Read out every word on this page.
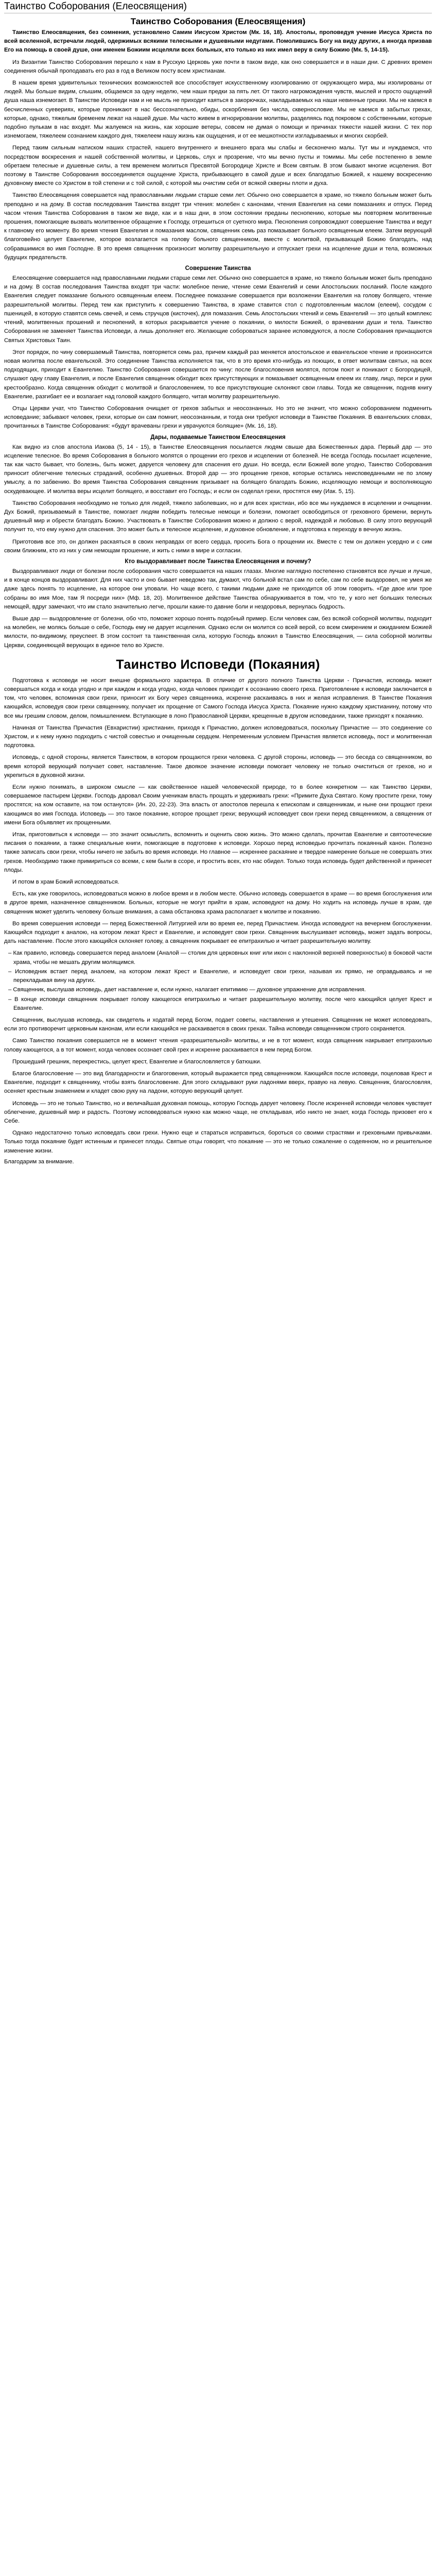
Таинство Соборования (Елеосвящения)
Таинство Соборования (Елеосвящения)

Таинство Елеосвящения, без сомнения, установлено Самим Иисусом Христом (Мк. 16, 18). Апостолы, проповедуя учение Иисуса Христа по всей вселенной, встречали людей, одержимых всякими телесными и душевными недугами. Помолившись Богу на виду других, а иногда призвав Его на помощь в своей душе, они именем Божиим исцеляли всех больных, кто только из них имел веру в силу Божию (Мк. 5, 14-15).

Из Византии Таинство Соборования перешло к нам в Русскую Церковь уже почти в таком виде, как оно совершается и в наши дни. С древних времен соединения обычай проподавать его раз в год в Великом посту всем христианам.

В нашем время удивительных технических возможностей все способствует искусственному изолированию от окружающего мира, мы изолированы от людей. Мы больше видим, слышим, общаемся за одну неделю, чем наши предки за пять лет. От такого нагромождения чувств, мыслей и просто ощущений душа наша изнемогает. В Таинстве Исповеди нам и не мысль не приходит каяться в закорючках, накладываемых на наши невинные грешки. Мы не каемся в бесчисленных суевериях, которые проникают в нас бессознательно, обиды, оскорбления без числа, сквернословие. Мы не каемся в забытых грехах, которые, однако, тяжелым бременем лежат на нашей душе. Мы часто живем в игнорировании молитвы, разделяясь под покровом с собственными, которые подобно пулькам в нас входят. Мы жалуемся на жизнь, как хорошие ветеры, совсем не думая о помощи и причинах тяжести нашей жизни. С тех пор изнемогаем, тяжелеем сознанием каждого дня, тяжелеем нашу жизнь как ощущения, и от ее мешкотности изгладываемых и многих скорбей.

Перед таким сильным натиском наших страстей, нашего внутреннего и внешнего врага мы слабы и бесконечно малы. Тут мы и нуждаемся, что посредством воскресения и нашей собственной молитвы, и Церковь, слух и прозрение, что мы вечно пусты и томимы. Мы себе постепенно в земле обретаем телесные и душевные силы, а тем временем молиться Пресвятой Богородице Христе и Всем святым. В этом бывают многие исцеления. Вот поэтому в Таинстве Соборования воссоединяется ощущение Христа, прибывающего в самой душе и всех благодатью Божией, к нашему воскресению духовному вместе со Христом в той степени и с той силой, с которой мы очистим себя от всякой скверны плоти и духа.

Таинство Елеосвящения совершается над православными людьми старше семи лет. Обычно оно совершается в храме, но тяжело больным может быть преподано и на дому. В состав последования Таинства входят три чтения: молебен с канонами, чтения Евангелия на семи помазаниях и отпуск. Перед часом чтения Таинства Соборования в таком же виде, как и в наш дни, в этом состоянии преданы песнопению, которые мы повторяем молитвенные прошения, помогающие вызвать молитвенное обращение к Господу, отрешиться от суетного мира. Песнопения сопровождают совершение Таинства и ведут к главному его моменту. Во время чтения Евангелия и помазания маслом, священник семь раз помазывает больного освященным елеем. Затем верующий благоговейно целует Евангелие, которое возлагается на голову больного священником, вместе с молитвой, призывающей Божию благодать, над собравшимися во имя Господне. В это время священник произносит молитву разрешительную и отпускает грехи на исцеление души и тела, возможных будущих предательств.

Совершение Таинства

Елеосвящение совершается над православными людьми старше семи лет. Обычно оно совершается в храме, но тяжело больным может быть преподано и на дому. В состав последования Таинства входят три части: молебное пение, чтение семи Евангелий и семи Апостольских посланий. После каждого Евангелия следует помазание больного освященным елеем. Последнее помазание совершается при возложении Евангелия на голову болящего, чтение разрешительной молитвы. Перед тем как приступить к совершению Таинства, в храме ставится стол с подготовленным маслом (елеем), сосудом с пшеницей, в которую ставятся семь свечей, и семь стручцов (кисточек), для помазания. Семь Апостольских чтений и семь Евангелий — это целый комплекс чтений, молитвенных прошений и песнопений, в которых раскрывается учение о покаянии, о милости Божией, о врачевании души и тела. Таинство Соборования не заменяет Таинства Исповеди, а лишь дополняет его. Желающие собороваться заранее исповедуются, а после Соборования причащаются Святых Христовых Таин.

Этот порядок, по чину совершаемый Таинства, повторяется семь раз, причем каждый раз меняется апостольское и евангельское чтение и произносится новая молитва после евангельской. Это соединение Таинства исполняется так, что в это время кто-нибудь из поющих, в ответ молитвам святых, на всех подходящих, приходит к Евангелию. Таинство Соборования совершается по чину: после благословения молятся, потом поют и поникают с Богородицей, слушают одну главу Евангелия, и после Евангелия священник обходит всех присутствующих и помазывает освященным елеем их главу, лицо, перси и руки крестообразно. Когда священник обходит с молитвой и благословением, то все присутствующие склоняют свои главы. Тогда же священник, подняв книгу Евангелие, разгибает ее и возлагает над головой каждого болящего, читая молитву разрешительную.

Отцы Церкви учат, что Таинство Соборования очищает от грехов забытых и неосознанных. Но это не значит, что можно соборованием подменить исповедание; забывают человек, грехи, которые он сам помнит, неосознанным, и тогда они требуют исповеди в Таинстве Покаяния. В евангельских словах, прочитанных в Таинстве Соборования: «будут врачеваны грехи и уврачуются болящие» (Мк. 16, 18).

Дары, подаваемые Таинством Елеосвящения

Как видно из слов апостола Иакова (5, 14 - 15), в Таинстве Елеосвящения посылается людям свыше два Божественных дара. Первый дар — это исцеление телесное. Во время Соборования в больного молятся о прощении его грехов и исцелении от болезней. Не всегда Господь посылает исцеление, так как часто бывает, что болезнь, быть может, даруется человеку для спасения его души. Но всегда, если Божией воле угодно, Таинство Соборования приносит облегчение телесных страданий, особенно душевных. Второй дар — это прощение грехов, которые остались неисповеданными не по злому умыслу, а по забвению. Во время Таинства Соборования священник призывает на болящего благодать Божию, исцеляющую немощи и восполняющую оскудевающее. И молитва веры исцелит болящего, и восставит его Господь; и если он соделал грехи, простятся ему (Иак. 5, 15).

Таинство Соборования необходимо не только для людей, тяжело заболевших, но и для всех христиан, ибо все мы нуждаемся в исцелении и очищении. Дух Божий, призываемый в Таинстве, помогает людям победить телесные немощи и болезни, помогает освободиться от греховного бремени, вернуть душевный мир и обрести благодать Божию. Участвовать в Таинстве Соборования можно и должно с верой, надеждой и любовью. В силу этого верующий получит то, что ему нужно для спасения. Это может быть и телесное исцеление, и духовное обновление, и подготовка к переходу в вечную жизнь.

Приготовив все это, он должен раскаяться в своих неправдах от всего сердца, просить Бога о прощении их. Вместе с тем он должен усердно и с сим своим ближним, кто из них у сим немощам прошение, и жить с ними в мире и согласии.

Кто выздоравливает после Таинства Елеосвящения и почему?

Выздоравливают люди от болезни после соборования часто совершается на наших глазах. Многие наглядно постепенно становятся все лучше и лучше, и в конце концов выздоравливают. Для них часто и оно бывает неведомо так, думают, что больной встал сам по себе, сам по себе выздоровел, не умея же даже здесь понять то исцеление, на которое они уповали. Но чаще всего, с такими людьми даже не приходится об этом говорить. «Где двое или трое собраны во имя Мое, там Я посреди них» (Мф. 18, 20). Молитвенное действие Таинства обнаруживается в том, что те, у кого нет больших телесных немощей, вдруг замечают, что им стало значительно легче, прошли какие-то давние боли и нездоровья, вернулась бодрость.

Выше дар — выздоровление от болезни, обо что, поможет хорошо понять подобный пример. Если человек сам, без всякой соборной молитвы, подходит на молебен, не молясь больше о себе, Господь ему не дарует исцеления. Однако если он молится со всей верой, со всем смирением и ожиданием Божией милости, по-видимому, преуспеет. В этом состоит та таинственная сила, которую Господь вложил в Таинство Елеосвящения, — сила соборной молитвы Церкви, соединяющей верующих в единое тело во Христе.

Таинство Исповеди (Покаяния)

Подготовка к исповеди не носит внешне формального характера. В отличие от другого полного Таинства Церкви - Причастия, исповедь может совершаться когда и когда угодно и при каждом и когда угодно, когда человек приходит к осознанию своего греха. Приготовление к исповеди заключается в том, что человек, вспоминая свои грехи, приносит их Богу через священника, искренне раскаиваясь в них и желая исправления. В Таинстве Покаяния кающийся, исповедуя свои грехи священнику, получает их прощение от Самого Господа Иисуса Христа. Покаяние нужно каждому христианину, потому что все мы грешим словом, делом, помышлением. Вступающие в лоно Православной Церкви, крещенные в другом исповедании, также приходят к покаянию.

Начиная от Таинства Причастия (Евхаристии) христианин, приходя к Причастию, должен исповедоваться, поскольку Причастие — это соединение со Христом, и к нему нужно подходить с чистой совестью и очищенным сердцем. Непременным условием Причастия является исповедь, пост и молитвенная подготовка.

Исповедь, с одной стороны, является Таинством, в котором прощаются грехи человека. С другой стороны, исповедь — это беседа со священником, во время которой верующий получает совет, наставление. Такое двоякое значение исповеди помогает человеку не только очиститься от грехов, но и укрепиться в духовной жизни.

Если нужно понимать, в широком смысле — как свойственное нашей человеческой природе, то в более конкретном — как Таинство Церкви, совершаемое пастырем Церкви. Господь даровал Своим ученикам власть прощать и удерживать грехи: «Примите Духа Святаго. Кому простите грехи, тому простятся; на ком оставите, на том останутся» (Ин. 20, 22-23). Эта власть от апостолов перешла к епископам и священникам, и ныне они прощают грехи кающимся во имя Господа. Исповедь — это такое покаяние, которое прощает грехи; верующий исповедует свои грехи перед священником, а священник от имени Бога объявляет их прощенными.

Итак, приготовиться к исповеди — это значит осмыслить, вспомнить и оценить свою жизнь. Это можно сделать, прочитав Евангелие и святоотеческие писания о покаянии, а также специальные книги, помогающие в подготовке к исповеди. Хорошо перед исповедью прочитать покаянный канон. Полезно также записать свои грехи, чтобы ничего не забыть во время исповеди. Но главное — искреннее раскаяние и твердое намерение больше не совершать этих грехов. Необходимо также примириться со всеми, с кем были в ссоре, и простить всех, кто нас обидел. Только тогда исповедь будет действенной и принесет плоды.

И потом в храм Божий исповедоваться.

Есть, как уже говорилось, исповедоваться можно в любое время и в любом месте. Обычно исповедь совершается в храме — во время богослужения или в другое время, назначенное священником. Больных, которые не могут прийти в храм, исповедуют на дому. Но ходить на исповедь лучше в храм, где священник может уделить человеку больше внимания, а сама обстановка храма располагает к молитве и покаянию.

Во время совершения исповеди — перед Божественной Литургией или во время ее, перед Причастием. Иногда исповедуют на вечернем богослужении. Кающийся подходит к аналою, на котором лежат Крест и Евангелие, и исповедует свои грехи. Священник выслушивает исповедь, может задать вопросы, дать наставление. После этого кающийся склоняет голову, а священник покрывает ее епитрахилью и читает разрешительную молитву.

– Как правило, исповедь совершается перед аналоем (Аналой — столик для церковных книг или икон с наклонной верхней поверхностью) в боковой части храма, чтобы не мешать другим молящимся.
– Исповедник встает перед аналоем, на котором лежат Крест и Евангелие, и исповедует свои грехи, называя их прямо, не оправдываясь и не перекладывая вину на других.
– Священник, выслушав исповедь, дает наставление и, если нужно, налагает епитимию — духовное упражнение для исправления.
– В конце исповеди священник покрывает голову кающегося епитрахилью и читает разрешительную молитву, после чего кающийся целует Крест и Евангелие.

Священник, выслушав исповедь, как свидетель и ходатай перед Богом, подает советы, наставления и утешения. Священник не может исповедовать, если это противоречит церковным канонам, или если кающийся не раскаивается в своих грехах. Тайна исповеди священником строго сохраняется.

Само Таинство покаяния совершается не в момент чтения «разрешительной» молитвы, и не в тот момент, когда священник накрывает епитрахилью голову кающегося, а в тот момент, когда человек осознает свой грех и искренне раскаивается в нем перед Богом.

Прошедший грешник, перекрестись, целует крест, Евангелие и благословляется у батюшки.

Благое благословение — это вид благодарности и благоговения, который выражается пред священником. Кающийся после исповеди, поцеловав Крест и Евангелие, подходит к священнику, чтобы взять благословение. Для этого складывают руки ладонями вверх, правую на левую. Священник, благословляя, осеняет крестным знамением и кладет свою руку на ладони, которую верующий целует.

Исповедь — это не только Таинство, но и величайшая духовная помощь, которую Господь дарует человеку. После искренней исповеди человек чувствует облегчение, душевный мир и радость. Поэтому исповедоваться нужно как можно чаще, не откладывая, ибо никто не знает, когда Господь призовет его к Себе.

Однако недостаточно только исповедать свои грехи. Нужно еще и стараться исправиться, бороться со своими страстями и греховными привычками. Только тогда покаяние будет истинным и принесет плоды. Святые отцы говорят, что покаяние — это не только сожаление о содеянном, но и решительное изменение жизни.

Благодарим за внимание.
